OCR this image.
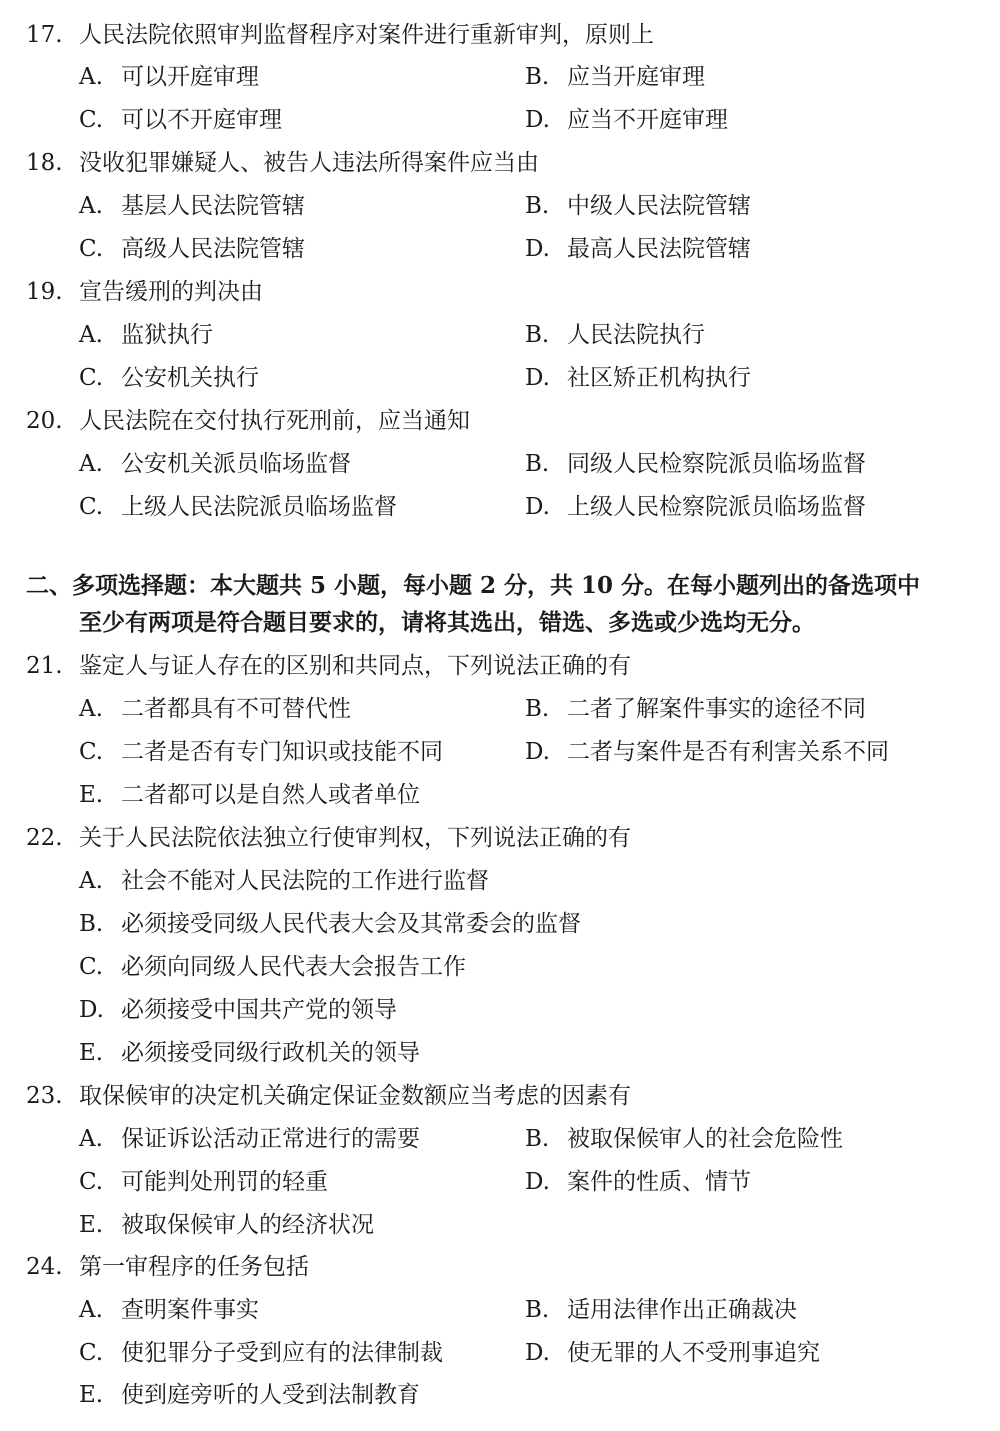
17. 人民法院依照审判监督程序对案件进行重新审判，原则上
A. 可以开庭审理	B. 应当开庭审理
C. 可以不开庭审理	D. 应当不开庭审理
18. 没收犯罪嫌疑人、被告人违法所得案件应当由
A. 基层人民法院管辖	B. 中级人民法院管辖
C. 高级人民法院管辖	D. 最高人民法院管辖
19. 宣告缓刑的判决由
A. 监狱执行	B. 人民法院执行
C. 公安机关执行	D. 社区矫正机构执行
20. 人民法院在交付执行死刑前，应当通知
A. 公安机关派员临场监督	B. 同级人民检察院派员临场监督
C. 上级人民法院派员临场监督	D. 上级人民检察院派员临场监督
二、多项选择题：本大题共 5 小题，每小题 2 分，共 10 分。在每小题列出的备选项中
至少有两项是符合题目要求的，请将其选出，错选、多选或少选均无分。
21. 鉴定人与证人存在的区别和共同点，下列说法正确的有
A. 二者都具有不可替代性	B. 二者了解案件事实的途径不同
C. 二者是否有专门知识或技能不同	D. 二者与案件是否有利害关系不同
E. 二者都可以是自然人或者单位
22. 关于人民法院依法独立行使审判权，下列说法正确的有
A. 社会不能对人民法院的工作进行监督
B. 必须接受同级人民代表大会及其常委会的监督
C. 必须向同级人民代表大会报告工作
D. 必须接受中国共产党的领导
E. 必须接受同级行政机关的领导
23. 取保候审的决定机关确定保证金数额应当考虑的因素有
A. 保证诉讼活动正常进行的需要	B. 被取保候审人的社会危险性
C. 可能判处刑罚的轻重	D. 案件的性质、情节
E. 被取保候审人的经济状况
24. 第一审程序的任务包括
A. 查明案件事实	B. 适用法律作出正确裁决
C. 使犯罪分子受到应有的法律制裁	D. 使无罪的人不受刑事追究
E. 使到庭旁听的人受到法制教育
